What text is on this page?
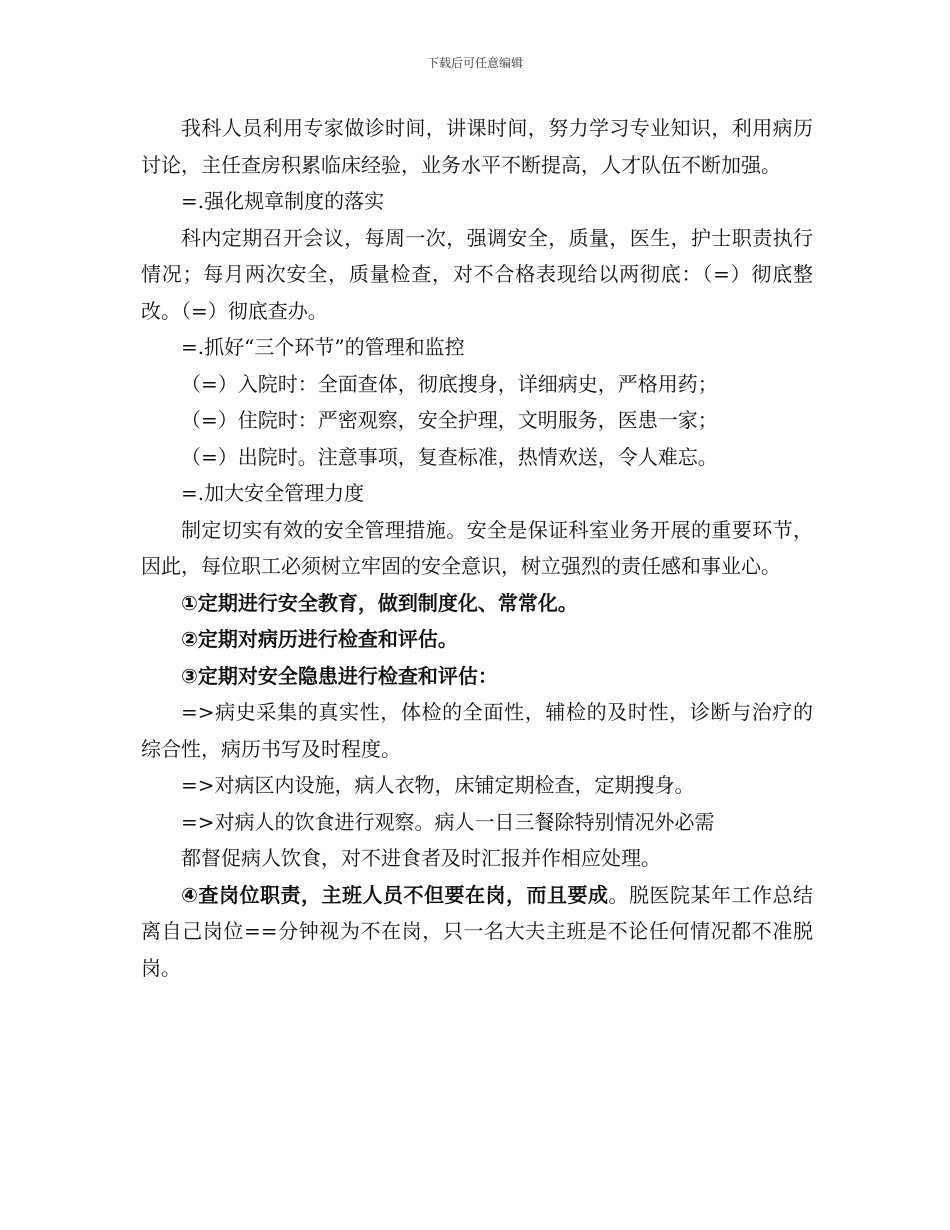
下载后可任意编辑

我科人员利用专家做诊时间，讲课时间，努力学习专业知识，利用病历讨论，主任查房积累临床经验，业务水平不断提高，人才队伍不断加强。

=.强化规章制度的落实

科内定期召开会议，每周一次，强调安全，质量，医生，护士职责执行情况；每月两次安全，质量检查，对不合格表现给以两彻底：（=）彻底整改。（=）彻底查办。

=.抓好“三个环节”的管理和监控

（=）入院时：全面查体，彻底搜身，详细病史，严格用药；

（=）住院时：严密观察，安全护理，文明服务，医患一家；

（=）出院时。注意事项，复查标准，热情欢送，令人难忘。

=.加大安全管理力度

制定切实有效的安全管理措施。安全是保证科室业务开展的重要环节，因此，每位职工必须树立牢固的安全意识，树立强烈的责任感和事业心。

①定期进行安全教育，做到制度化、常常化。

②定期对病历进行检查和评估。

③定期对安全隐患进行检查和评估：

=>病史采集的真实性，体检的全面性，辅检的及时性，诊断与治疗的综合性，病历书写及时程度。

=>对病区内设施，病人衣物，床铺定期检查，定期搜身。

=>对病人的饮食进行观察。病人一日三餐除特别情况外必需

都督促病人饮食，对不进食者及时汇报并作相应处理。

④查岗位职责，主班人员不但要在岗，而且要成。脱医院某年工作总结离自己岗位==分钟视为不在岗，只一名大夫主班是不论任何情况都不准脱岗。
